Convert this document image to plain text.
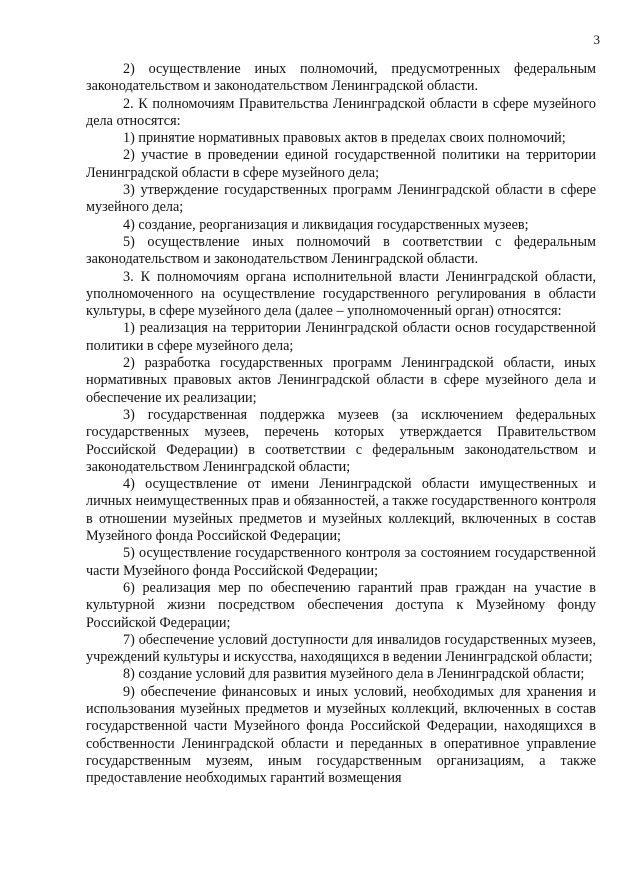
3

2) осуществление иных полномочий, предусмотренных федеральным законодательством и законодательством Ленинградской области.

2. К полномочиям Правительства Ленинградской области в сфере музейного дела относятся:

1) принятие нормативных правовых актов в пределах своих полномочий;

2) участие в проведении единой государственной политики на территории Ленинградской области в сфере музейного дела;

3) утверждение государственных программ Ленинградской области в сфере музейного дела;

4) создание, реорганизация и ликвидация государственных музеев;

5) осуществление иных полномочий в соответствии с федеральным законодательством и законодательством Ленинградской области.

3. К полномочиям органа исполнительной власти Ленинградской области, уполномоченного на осуществление государственного регулирования в области культуры, в сфере музейного дела (далее – уполномоченный орган) относятся:

1) реализация на территории Ленинградской области основ государственной политики в сфере музейного дела;

2) разработка государственных программ Ленинградской области, иных нормативных правовых актов Ленинградской области в сфере музейного дела и обеспечение их реализации;

3) государственная поддержка музеев (за исключением федеральных государственных музеев, перечень которых утверждается Правительством Российской Федерации) в соответствии с федеральным законодательством и законодательством Ленинградской области;

4) осуществление от имени Ленинградской области имущественных и личных неимущественных прав и обязанностей, а также государственного контроля в отношении музейных предметов и музейных коллекций, включенных в состав Музейного фонда Российской Федерации;

5) осуществление государственного контроля за состоянием государственной части Музейного фонда Российской Федерации;

6) реализация мер по обеспечению гарантий прав граждан на участие в культурной жизни посредством обеспечения доступа к Музейному фонду Российской Федерации;

7) обеспечение условий доступности для инвалидов государственных музеев, учреждений культуры и искусства, находящихся в ведении Ленинградской области;

8) создание условий для развития музейного дела в Ленинградской области;

9) обеспечение финансовых и иных условий, необходимых для хранения и использования музейных предметов и музейных коллекций, включенных в состав государственной части Музейного фонда Российской Федерации, находящихся в собственности Ленинградской области и переданных в оперативное управление государственным музеям, иным государственным организациям, а также предоставление необходимых гарантий возмещения
